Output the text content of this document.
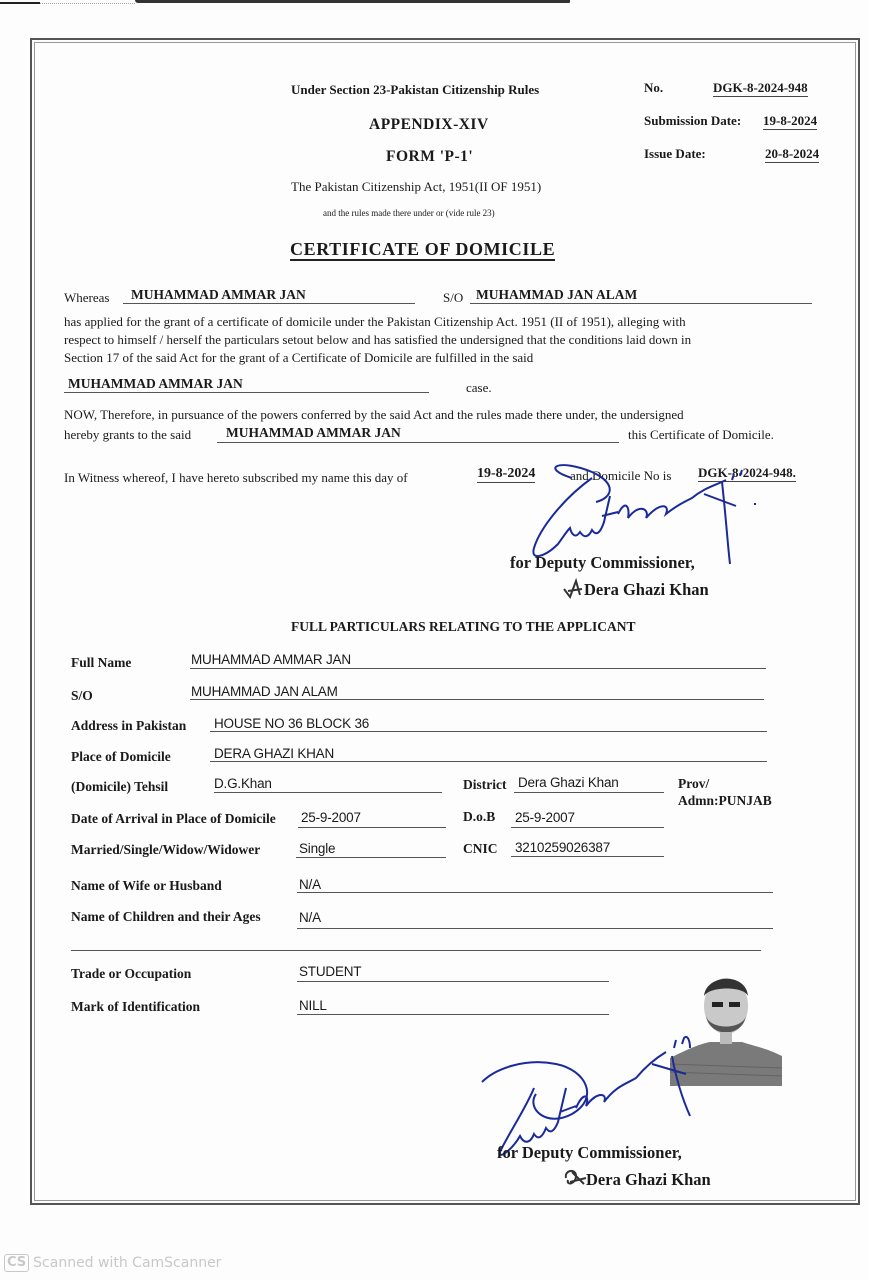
Under Section 23-Pakistan Citizenship Rules
APPENDIX-XIV
FORM 'P-1'
The Pakistan Citizenship Act, 1951(II OF 1951)
and the rules made there under or (vide rule 23)
No.	DGK-8-2024-948
Submission Date: 19-8-2024
Issue Date:	20-8-2024
CERTIFICATE OF DOMICILE
Whereas MUHAMMAD AMMAR JAN	S/O MUHAMMAD JAN ALAM
has applied for the grant of a certificate of domicile under the Pakistan Citizenship Act. 1951 (II of 1951), alleging with
respect to himself / herself the particulars setout below and has satisfied the undersigned that the conditions laid down in
Section 17 of the said Act for the grant of a Certificate of Domicile are fulfilled in the said
MUHAMMAD AMMAR JAN	case.
NOW, Therefore, in pursuance of the powers conferred by the said Act and the rules made there under, the undersigned
hereby grants to the said	MUHAMMAD AMMAR JAN	this Certificate of Domicile.
In Witness whereof, I have hereto subscribed my name this day of	19-8-2024	and Domicile No is DGK-8-2024-948.
for Deputy Commissioner,
Dera Ghazi Khan
FULL PARTICULARS RELATING TO THE APPLICANT
Full Name	MUHAMMAD AMMAR JAN
S/O	MUHAMMAD JAN ALAM
Address in Pakistan HOUSE NO 36 BLOCK 36
Place of Domicile	DERA GHAZI KHAN
(Domicile) Tehsil	D.G.Khan	District Dera Ghazi Khan	Prov/
Admn:PUNJAB
Date of Arrival in Place of Domicile 25-9-2007	D.o.B 25-9-2007
Married/Single/Widow/Widower	Single	CNIC 3210259026387
Name of Wife or Husband	N/A
Name of Children and their Ages	N/A
Trade or Occupation	STUDENT
Mark of Identification	NILL
for Deputy Commissioner,
Dera Ghazi Khan
CS Scanned with CamScanner
